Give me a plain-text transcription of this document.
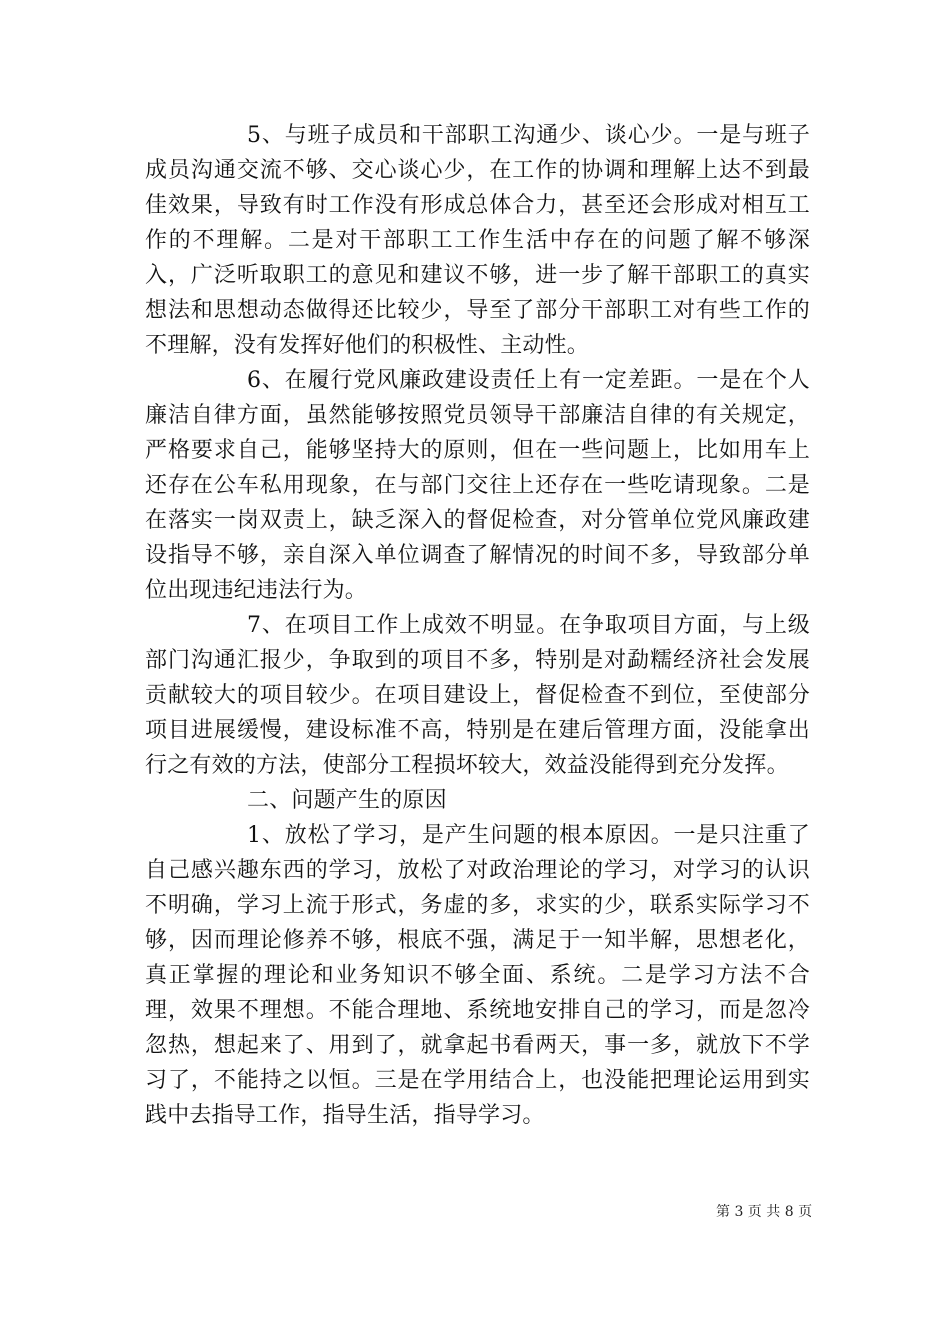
5、与班子成员和干部职工沟通少、谈心少。一是与班子成员沟通交流不够、交心谈心少，在工作的协调和理解上达不到最佳效果，导致有时工作没有形成总体合力，甚至还会形成对相互工作的不理解。二是对干部职工工作生活中存在的问题了解不够深入，广泛听取职工的意见和建议不够，进一步了解干部职工的真实想法和思想动态做得还比较少，导至了部分干部职工对有些工作的不理解，没有发挥好他们的积极性、主动性。

6、在履行党风廉政建设责任上有一定差距。一是在个人廉洁自律方面，虽然能够按照党员领导干部廉洁自律的有关规定，严格要求自己，能够坚持大的原则，但在一些问题上，比如用车上还存在公车私用现象，在与部门交往上还存在一些吃请现象。二是在落实一岗双责上，缺乏深入的督促检查，对分管单位党风廉政建设指导不够，亲自深入单位调查了解情况的时间不多，导致部分单位出现违纪违法行为。

7、在项目工作上成效不明显。在争取项目方面，与上级部门沟通汇报少，争取到的项目不多，特别是对勐糯经济社会发展贡献较大的项目较少。在项目建设上，督促检查不到位，至使部分项目进展缓慢，建设标准不高，特别是在建后管理方面，没能拿出行之有效的方法，使部分工程损坏较大，效益没能得到充分发挥。

二、问题产生的原因

1、放松了学习，是产生问题的根本原因。一是只注重了自己感兴趣东西的学习，放松了对政治理论的学习，对学习的认识不明确，学习上流于形式，务虚的多，求实的少，联系实际学习不够，因而理论修养不够，根底不强，满足于一知半解，思想老化，真正掌握的理论和业务知识不够全面、系统。二是学习方法不合理，效果不理想。不能合理地、系统地安排自己的学习，而是忽冷忽热，想起来了、用到了，就拿起书看两天，事一多，就放下不学习了，不能持之以恒。三是在学用结合上，也没能把理论运用到实践中去指导工作，指导生活，指导学习。

第 3 页 共 8 页
